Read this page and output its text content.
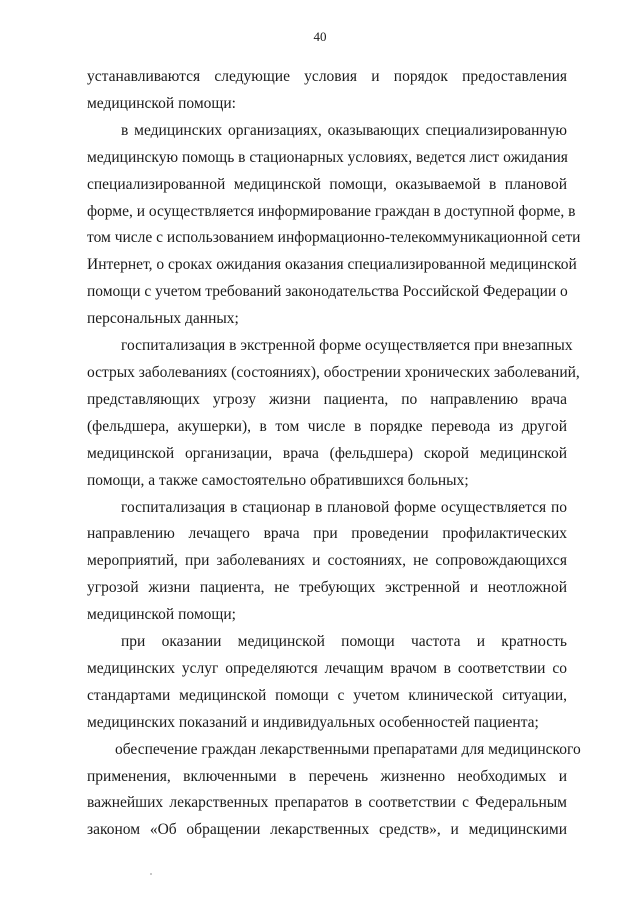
40
устанавливаются следующие условия и порядок предоставления
медицинской помощи:
в медицинских организациях, оказывающих специализированную
медицинскую помощь в стационарных условиях, ведется лист ожидания
специализированной медицинской помощи, оказываемой в плановой
форме, и осуществляется информирование граждан в доступной форме, в
том числе с использованием информационно-телекоммуникационной сети
Интернет, о сроках ожидания оказания специализированной медицинской
помощи с учетом требований законодательства Российской Федерации о
персональных данных;
госпитализация в экстренной форме осуществляется при внезапных
острых заболеваниях (состояниях), обострении хронических заболеваний,
представляющих угрозу жизни пациента, по направлению врача
(фельдшера, акушерки), в том числе в порядке перевода из другой
медицинской организации, врача (фельдшера) скорой медицинской
помощи, а также самостоятельно обратившихся больных;
госпитализация в стационар в плановой форме осуществляется по
направлению лечащего врача при проведении профилактических
мероприятий, при заболеваниях и состояниях, не сопровождающихся
угрозой жизни пациента, не требующих экстренной и неотложной
медицинской помощи;
при оказании медицинской помощи частота и кратность
медицинских услуг определяются лечащим врачом в соответствии со
стандартами медицинской помощи с учетом клинической ситуации,
медицинских показаний и индивидуальных особенностей пациента;
обеспечение граждан лекарственными препаратами для медицинского
применения, включенными в перечень жизненно необходимых и
важнейших лекарственных препаратов в соответствии с Федеральным
законом «Об обращении лекарственных средств», и медицинскими
